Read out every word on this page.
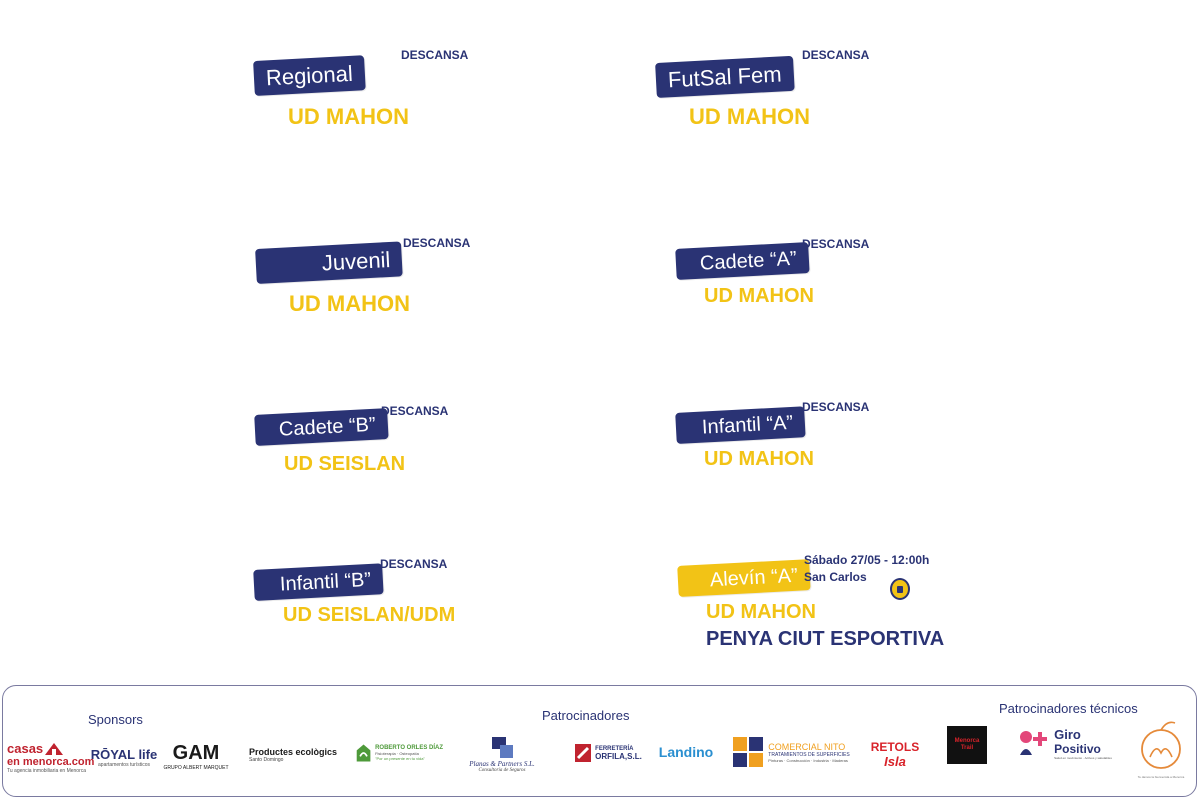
Regional
DESCANSA
UD MAHON
FutSal Fem
DESCANSA
UD MAHON
Juvenil
DESCANSA
UD MAHON
Cadete “A”
DESCANSA
UD MAHON
Cadete “B”
DESCANSA
UD SEISLAN
Infantil “A”
DESCANSA
UD MAHON
Infantil “B”
DESCANSA
UD SEISLAN/UDM
Alevín “A”
Sábado 27/05 - 12:00h
San Carlos
UD MAHON
PENYA CIUT ESPORTIVA
Sponsors	Patrocinadores	Patrocinadores técnicos
casas
en menorca.com
Tu agencia inmobiliaria en Menorca
RŌYAL life
apartamentos turísticos
GAM
GRUPO ALBERT MARQUET
Productes ecològics
Santo Domingo
ROBERTO ORLES DÍAZ
Fisioterapia · Osteopatía
"Por un presente en tu vida"
Planas & Partners S.L.
Consultoría de Seguros
FERRETERÍA
ORFILA,S.L. Landino	COMERCIAL NITO
TRATAMIENTOS DE SUPERFICIES
Pinturas · Construcción · Industria · Maderas
RETOLS
Isla
Menorca Trail
Giro
Positivo
Salud en movimiento · Activos y saludables
Te damos la bienvenida a Menorca
